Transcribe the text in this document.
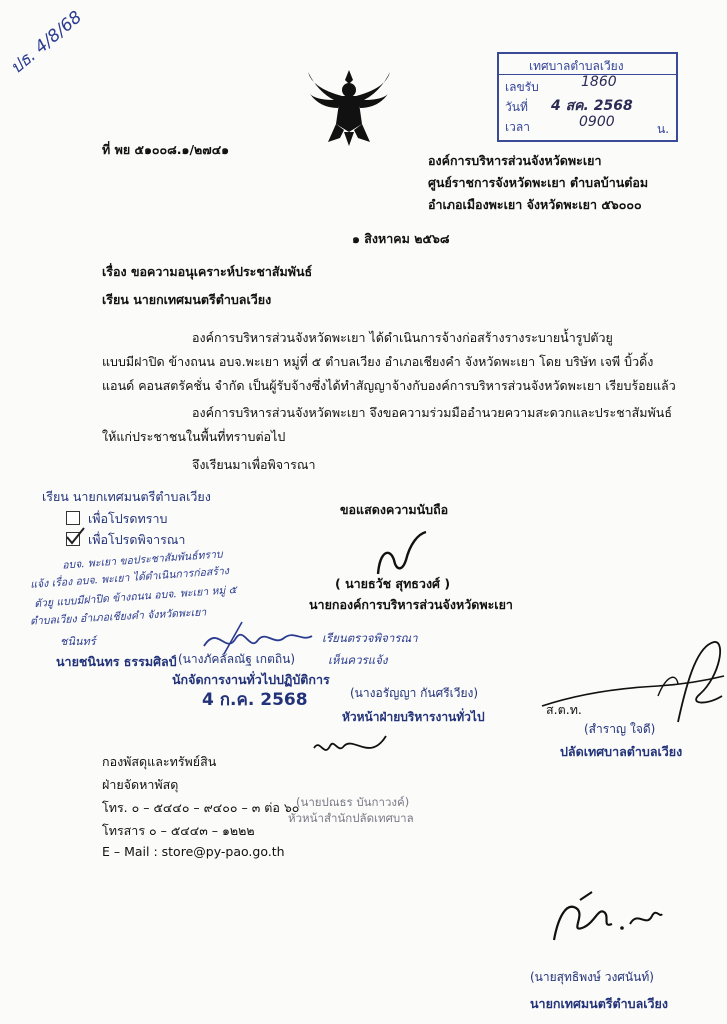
ปธ. 4/8/68	เทศบาลตำบลเวียง
เลขรับ	1860
วันที่ 4 สค. 2568
เวลา	0900	น.
ที่ พย ๕๑๐๐๘.๑/๒๗๔๑
องค์การบริหารส่วนจังหวัดพะเยา
ศูนย์ราชการจังหวัดพะเยา ตำบลบ้านต๋อม
อำเภอเมืองพะเยา จังหวัดพะเยา ๕๖๐๐๐
๑ สิงหาคม ๒๕๖๘
เรื่อง ขอความอนุเคราะห์ประชาสัมพันธ์
เรียน นายกเทศมนตรีตำบลเวียง
องค์การบริหารส่วนจังหวัดพะเยา ได้ดำเนินการจ้างก่อสร้างรางระบายน้ำรูปตัวยู
แบบมีฝาปิด ข้างถนน อบจ.พะเยา หมู่ที่ ๕ ตำบลเวียง อำเภอเชียงคำ จังหวัดพะเยา โดย บริษัท เจพี บิ้วดิ้ง
แอนด์ คอนสตรัคชั่น จำกัด เป็นผู้รับจ้างซึ่งได้ทำสัญญาจ้างกับองค์การบริหารส่วนจังหวัดพะเยา เรียบร้อยแล้ว
องค์การบริหารส่วนจังหวัดพะเยา จึงขอความร่วมมืออำนวยความสะดวกและประชาสัมพันธ์
ให้แก่ประชาชนในพื้นที่ทราบต่อไป
จึงเรียนมาเพื่อพิจารณา
ขอแสดงความนับถือ
( นายธวัช สุทธวงศ์ )
นายกองค์การบริหารส่วนจังหวัดพะเยา
เรียน นายกเทศมนตรีตำบลเวียง
เพื่อโปรดทราบ
เพื่อโปรดพิจารณา
อบจ. พะเยา ขอประชาสัมพันธ์ทราบ
แจ้ง เรื่อง อบจ. พะเยา ได้ดำเนินการก่อสร้าง
ตัวยู แบบมีฝาปิด ข้างถนน อบจ. พะเยา หมู่ ๕
ตำบลเวียง อำเภอเชียงคำ จังหวัดพะเยา
ชนินทร์
นายชนินทร ธรรมศิลป์ (นางภัคลัลณัฐ เกตถิน)
นักจัดการงานทั่วไปปฏิบัติการ
4 ก.ค. 2568
เรียนตรวจพิจารณา
เห็นควรแจ้ง
(นางอรัญญา กันศรีเวียง)
หัวหน้าฝ่ายบริหารงานทั่วไป	ส.ต.ท.
(สำราญ ใจดี)
ปลัดเทศบาลตำบลเวียง
(นายปณธร บันกาวงค์)
หัวหน้าสำนักปลัดเทศบาล
กองพัสดุและทรัพย์สิน
ฝ่ายจัดหาพัสดุ
โทร. ๐ – ๕๔๔๐ – ๙๔๐๐ – ๓ ต่อ ๖๐
โทรสาร ๐ – ๕๔๔๓ – ๑๒๒๒
E – Mail : store@py-pao.go.th
(นายสุทธิพงษ์ วงศนันท์)
นายกเทศมนตรีตำบลเวียง
